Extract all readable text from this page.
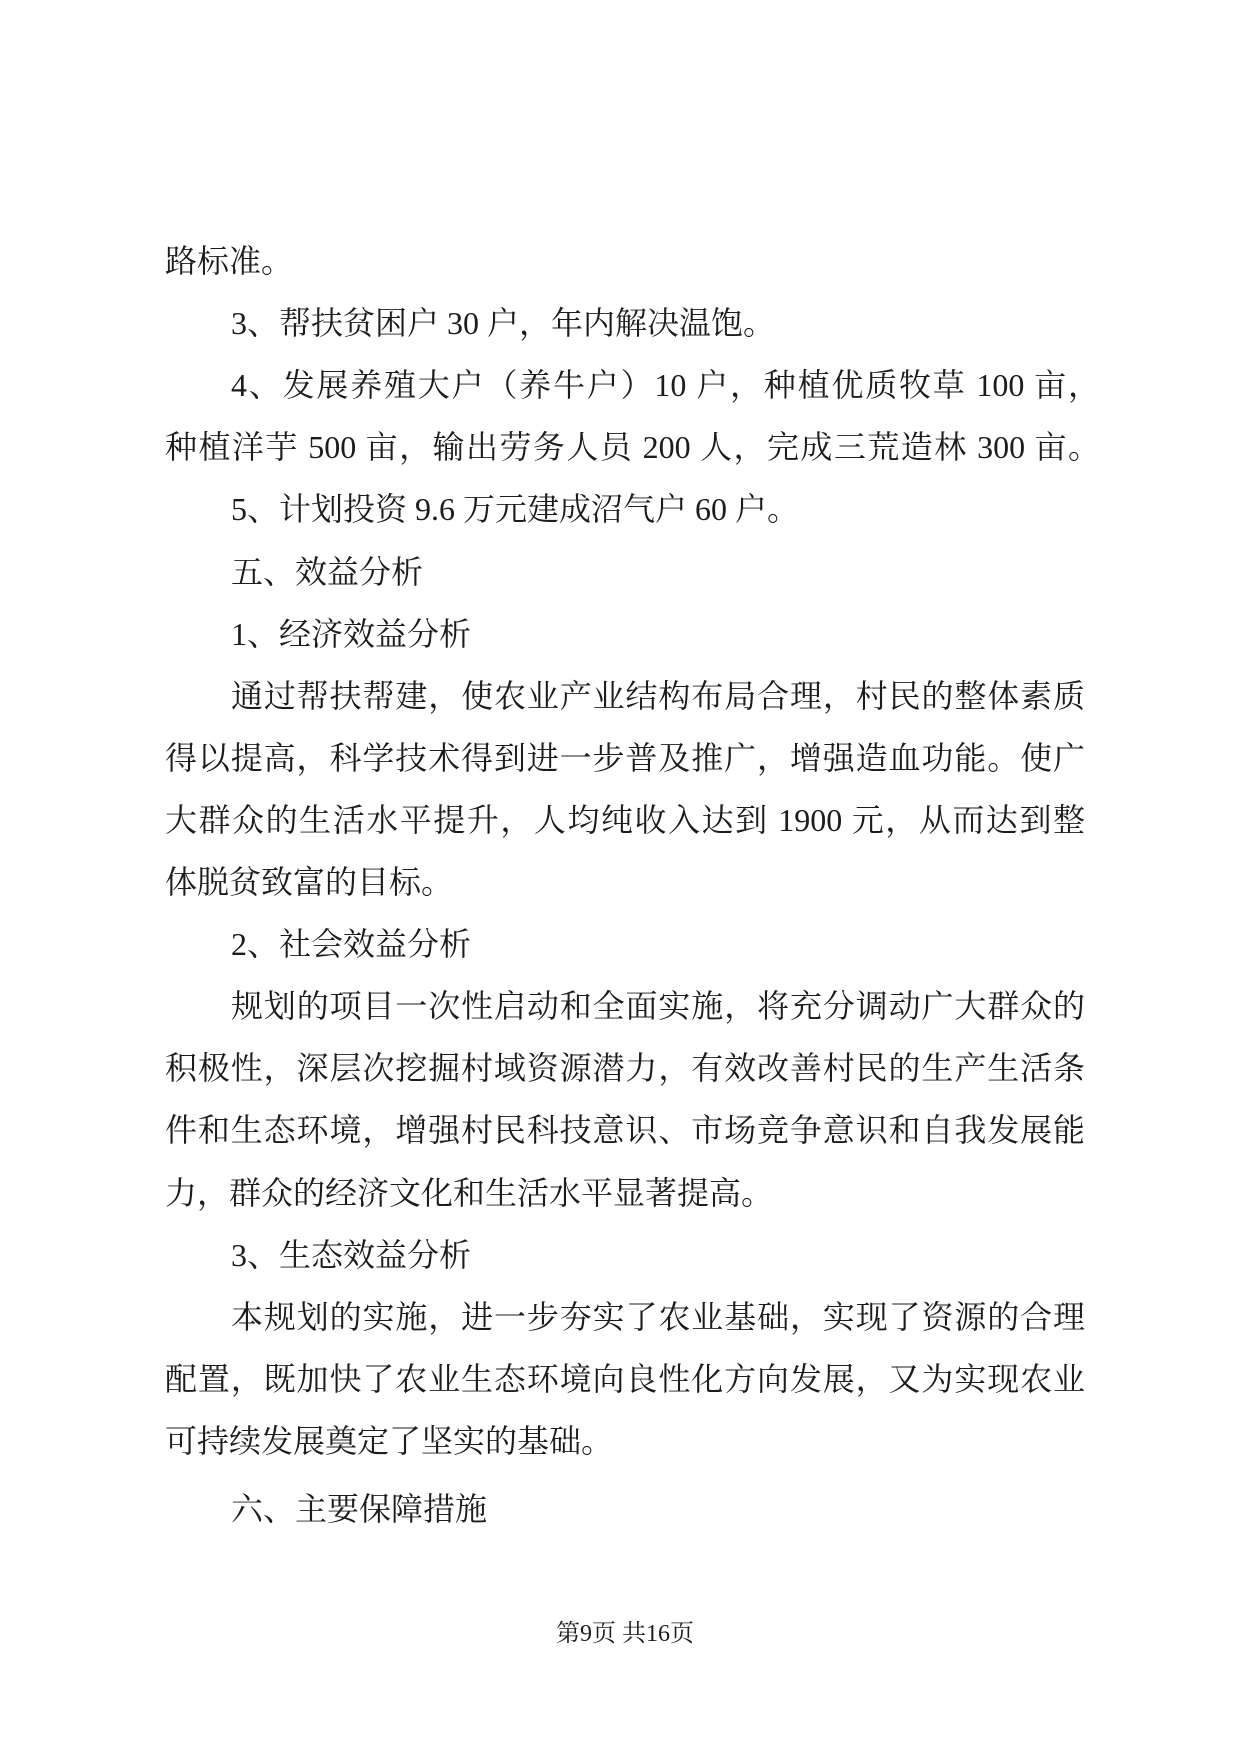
路标准。
3、帮扶贫困户 30 户，年内解决温饱。
4、发展养殖大户（养牛户）10 户，种植优质牧草 100 亩，
种植洋芋 500 亩，输出劳务人员 200 人，完成三荒造林 300 亩。
5、计划投资 9.6 万元建成沼气户 60 户。
五、效益分析
1、经济效益分析
通过帮扶帮建，使农业产业结构布局合理，村民的整体素质
得以提高，科学技术得到进一步普及推广，增强造血功能。使广
大群众的生活水平提升，人均纯收入达到 1900 元，从而达到整
体脱贫致富的目标。
2、社会效益分析
规划的项目一次性启动和全面实施，将充分调动广大群众的
积极性，深层次挖掘村域资源潜力，有效改善村民的生产生活条
件和生态环境，增强村民科技意识、市场竞争意识和自我发展能
力，群众的经济文化和生活水平显著提高。
3、生态效益分析
本规划的实施，进一步夯实了农业基础，实现了资源的合理
配置，既加快了农业生态环境向良性化方向发展，又为实现农业
可持续发展奠定了坚实的基础。
六、主要保障措施
第9页 共16页
